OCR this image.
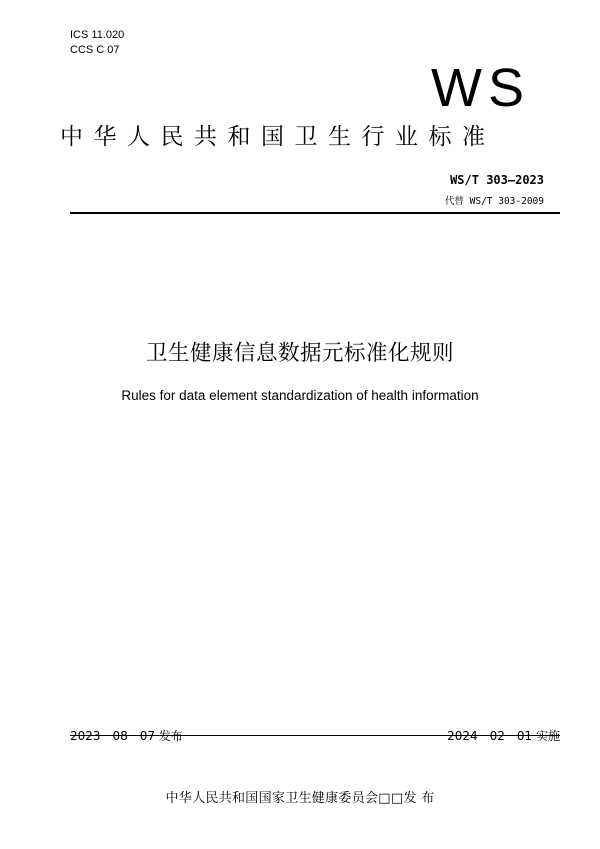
ICS 11.020
CCS C 07
WS
中华人民共和国卫生行业标准
WS/T 303—2023
代替 WS/T 303-2009
卫生健康信息数据元标准化规则
Rules for data element standardization of health information
2023－08－07 发布	2024－02－01 实施
中华人民共和国国家卫生健康委员会□□发 布
